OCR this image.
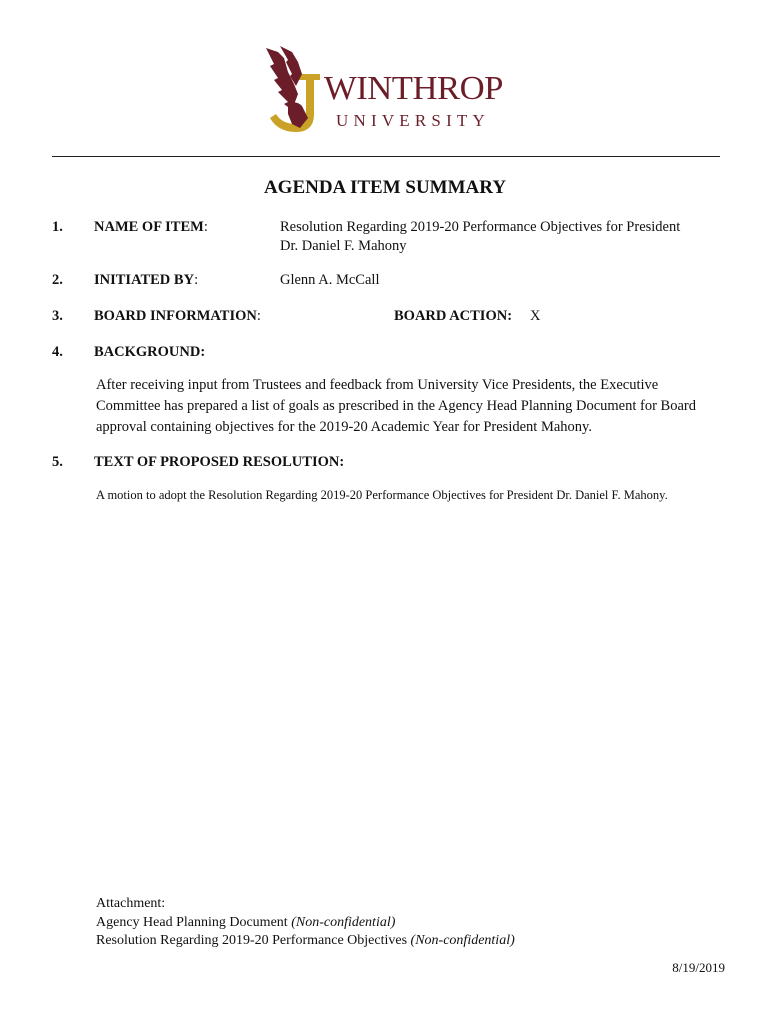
WINTHROP
UNIVERSITY
AGENDA ITEM SUMMARY
1. NAME OF ITEM:	Resolution Regarding 2019-20 Performance Objectives for President
Dr. Daniel F. Mahony
2. INITIATED BY:	Glenn A. McCall
3. BOARD INFORMATION:	BOARD ACTION: X
4. BACKGROUND:
After receiving input from Trustees and feedback from University Vice Presidents, the Executive Committee has prepared a list of goals as prescribed in the Agency Head Planning Document for Board approval containing objectives for the 2019-20 Academic Year for President Mahony.
5. TEXT OF PROPOSED RESOLUTION:
A motion to adopt the Resolution Regarding 2019-20 Performance Objectives for President Dr. Daniel F. Mahony.
Attachment:
Agency Head Planning Document (Non-confidential)
Resolution Regarding 2019-20 Performance Objectives (Non-confidential)
8/19/2019
